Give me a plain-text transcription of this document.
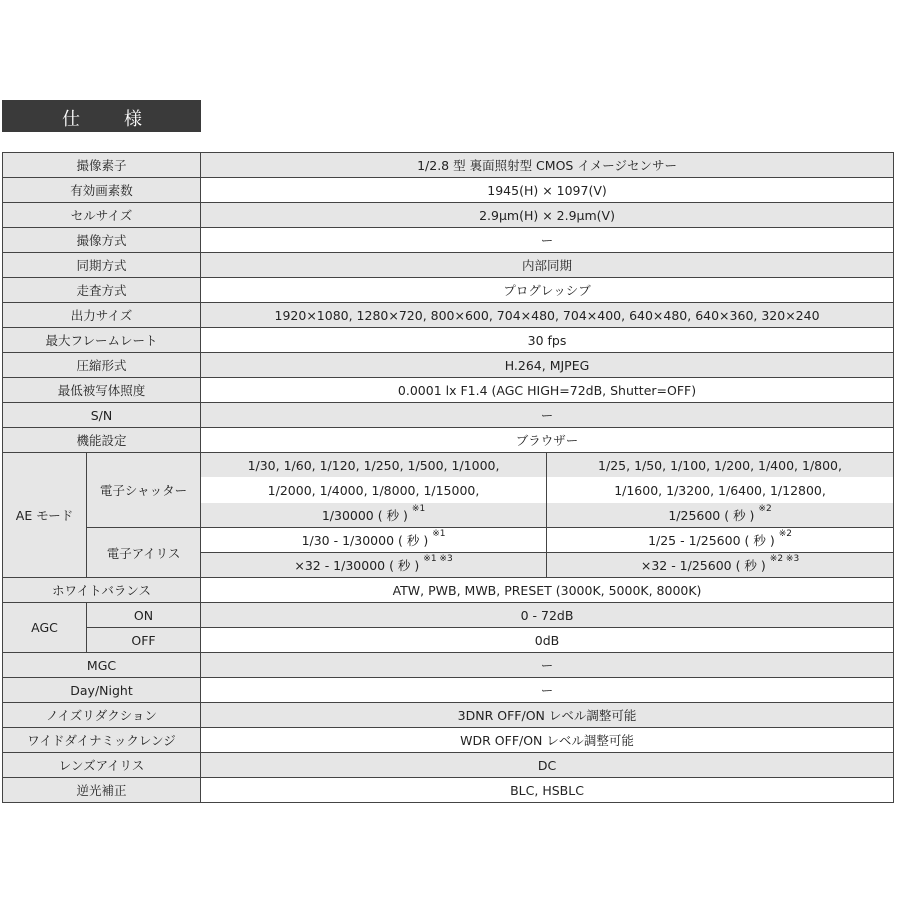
仕 様
撮像素子		1/2.8 型 裏面照射型 CMOS イメージセンサー	
有効画素数		1945(H) × 1097(V)	
セルサイズ		2.9μm(H) × 2.9μm(V)	
撮像方式		ー	
同期方式		内部同期	
走査方式		プログレッシブ	
出力サイズ		1920×1080, 1280×720, 800×600, 704×480, 704×400, 640×480, 640×360, 320×240	
最大フレームレート		30 fps	
圧縮形式		H.264, MJPEG	
最低被写体照度		0.0001 lx F1.4 (AGC HIGH=72dB, Shutter=OFF)	
S/N		ー	
機能設定		ブラウザー	
AE モード	電子シャッター	1/30, 1/60, 1/120, 1/250, 1/500, 1/1000,	1/25, 1/50, 1/100, 1/200, 1/400, 1/800,
		1/2000, 1/4000, 1/8000, 1/15000,	1/1600, 1/3200, 1/6400, 1/12800,
		1/30000 ( 秒 ) $^{※1}$	1/25600 ( 秒 ) $^{※2}$
	電子アイリス	1/30 - 1/30000 ( 秒 ) $^{※1}$	1/25 - 1/25600 ( 秒 ) $^{※2}$
		×32 - 1/30000 ( 秒 ) $^{※1 ※3}$	×32 - 1/25600 ( 秒 ) $^{※2 ※3}$
ホワイトバランス		ATW, PWB, MWB, PRESET (3000K, 5000K, 8000K)	
AGC	ON	0 - 72dB	
	OFF	0dB	
MGC		ー	
Day/Night		ー	
ノイズリダクション		3DNR OFF/ON レベル調整可能	
ワイドダイナミックレンジ		WDR OFF/ON レベル調整可能	
レンズアイリス		DC	
逆光補正		BLC, HSBLC	
